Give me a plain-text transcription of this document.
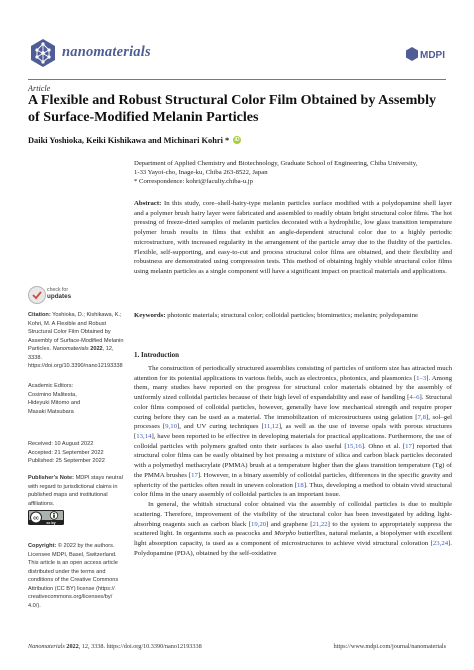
nanomaterials	MDPI
Article
A Flexible and Robust Structural Color Film Obtained by Assembly of Surface-Modified Melanin Particles
Daiki Yoshioka, Keiki Kishikawa and Michinari Kohri *	iD
Department of Applied Chemistry and Biotechnology, Graduate School of Engineering, Chiba University,
1-33 Yayoi-cho, Inage-ku, Chiba 263-8522, Japan
* Correspondence: kohri@faculty.chiba-u.jp
Abstract: In this study, core–shell-hairy-type melanin particles surface modified with a polydopamine shell layer and a polymer brush hairy layer were fabricated and assembled to readily obtain bright structural color films. The hot pressing of freeze-dried samples of melanin particles decorated with a hydrophilic, low glass transition temperature polymer brush results in films that exhibit an angle-dependent structural color due to a highly periodic microstructure, with increased regularity in the arrangement of the particle array due to the fluidity of the particles. Flexible, self-supporting, and easy-to-cut and process structural color films are obtained, and their flexibility and robustness are demonstrated using compression tests. This method of obtaining highly visible structural color films using melanin particles as a single component will have a significant impact on practical materials and applications.
Keywords: photonic materials; structural color; colloidal particles; biomimetics; melanin; polydopamine
check for
updates
Citation: Yoshioka, D.; Kishikawa, K.; Kohri, M. A Flexible and Robust Structural Color Film Obtained by Assembly of Surface-Modified Melanin Particles. Nanomaterials 2022, 12, 3338. https://doi.org/10.3390/nano12193338
Academic Editors:
Cosimino Malitesta,
Hideyuki Mitomo and
Masaki Matsubara
Received: 10 August 2022
Accepted: 21 September 2022
Published: 25 September 2022
Publisher’s Note: MDPI stays neutral with regard to jurisdictional claims in published maps and institutional affiliations.
cc
cc by
Copyright: © 2022 by the authors. Licensee MDPI, Basel, Switzerland. This article is an open access article distributed under the terms and conditions of the Creative Commons Attribution (CC BY) license (https:// creativecommons.org/licenses/by/ 4.0/).
1. Introduction
The construction of periodically structured assemblies consisting of particles of uniform size has attracted much attention for its potential applications in various fields, such as electronics, photonics, and plasmonics [1–3]. Among them, many studies have reported on the progress for structural color materials obtained by the assembly of uniformly sized colloidal particles because of their high level of expandability and ease of handling [4–6]. Structural color films composed of colloidal particles, however, generally have low mechanical strength and require proper curing before they can be used as a material. The immobilization of microstructures using gelation [7,8], sol–gel processes [9,10], and UV curing techniques [11,12], as well as the use of inverse opals with porous structures [13,14], have been reported to be effective in developing materials for practical applications. Furthermore, the use of colloidal particles with polymers grafted onto their surfaces is also useful [15,16]. Ohno et al. [17] reported that structural color films can be easily obtained by hot pressing a mixture of silica and carbon black particles decorated with a polymethyl methacrylate (PMMA) brush at a temperature higher than the glass transition temperature (Tg) of the PMMA brushes [17]. However, in a binary assembly of colloidal particles, differences in the specific gravity and sphericity of the particles often result in uneven coloration [18]. Thus, developing a method to obtain vivid structural color films in the unary assembly of colloidal particles is an important issue.
In general, the whitish structural color obtained via the assembly of colloidal particles is due to multiple scattering. Therefore, improvement of the visibility of the structural color has been investigated by adding light-absorbing reagents such as carbon black [19,20] and graphene [21,22] to the system to appropriately suppress the scattered light. In organisms such as peacocks and Morpho butterflies, natural melanin, a biopolymer with excellent light absorption capacity, is used as a component of microstructures to achieve vivid structural coloration [23,24]. Polydopamine (PDA), obtained by the self-oxidative
Nanomaterials 2022, 12, 3338. https://doi.org/10.3390/nano12193338	https://www.mdpi.com/journal/nanomaterials
